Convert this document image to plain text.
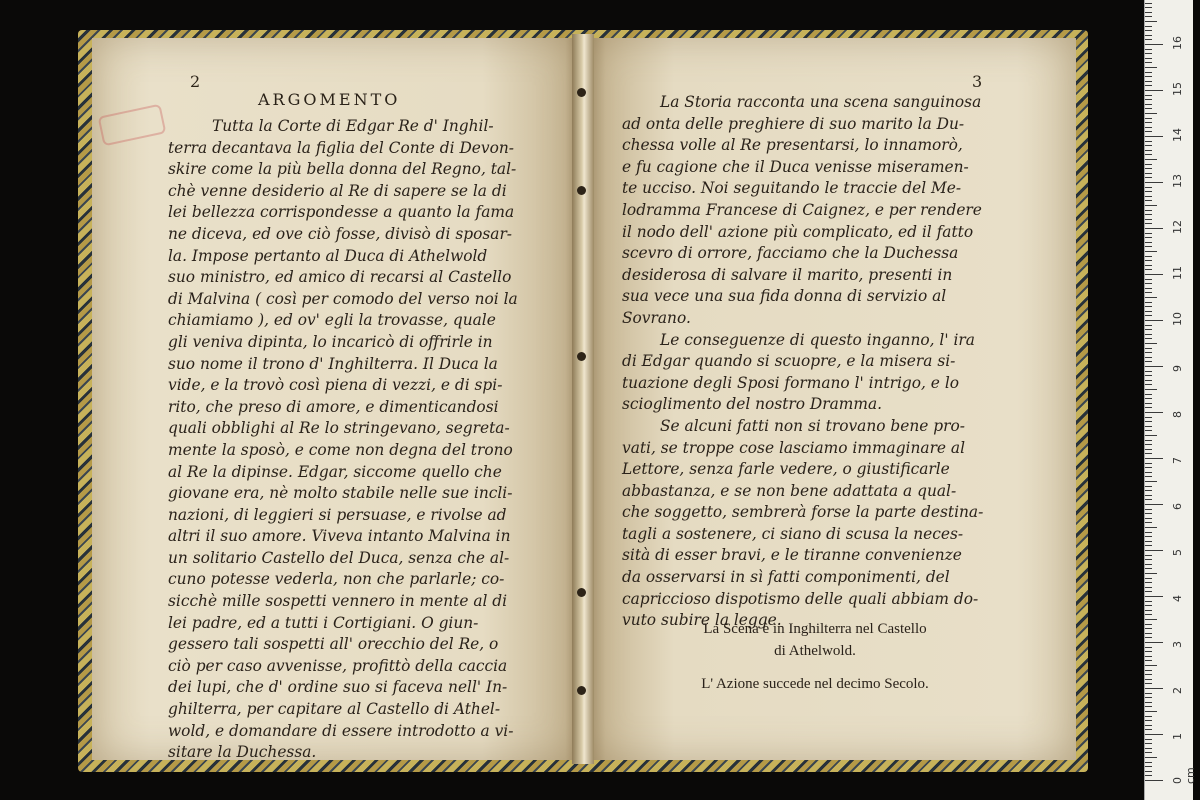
2
ARGOMENTO
Tutta la Corte di Edgar Re d' Inghil-
terra decantava la figlia del Conte di Devon-
skire come la più bella donna del Regno, tal-
chè venne desiderio al Re di sapere se la di
lei bellezza corrispondesse a quanto la fama
ne diceva, ed ove ciò fosse, divisò di sposar-
la. Impose pertanto al Duca di Athelwold
suo ministro, ed amico di recarsi al Castello
di Malvina ( così per comodo del verso noi la
chiamiamo ), ed ov' egli la trovasse, quale
gli veniva dipinta, lo incaricò di offrirle in
suo nome il trono d' Inghilterra. Il Duca la
vide, e la trovò così piena di vezzi, e di spi-
rito, che preso di amore, e dimenticandosi
quali obblighi al Re lo stringevano, segreta-
mente la sposò, e come non degna del trono
al Re la dipinse. Edgar, siccome quello che
giovane era, nè molto stabile nelle sue incli-
nazioni, di leggieri si persuase, e rivolse ad
altri il suo amore. Viveva intanto Malvina in
un solitario Castello del Duca, senza che al-
cuno potesse vederla, non che parlarle; co-
sicchè mille sospetti vennero in mente al di
lei padre, ed a tutti i Cortigiani. O giun-
gessero tali sospetti all' orecchio del Re, o
ciò per caso avvenisse, profittò della caccia
dei lupi, che d' ordine suo si faceva nell' In-
ghilterra, per capitare al Castello di Athel-
wold, e domandare di essere introdotto a vi-
sitare la Duchessa.
3
La Storia racconta una scena sanguinosa
ad onta delle preghiere di suo marito la Du-
chessa volle al Re presentarsi, lo innamorò,
e fu cagione che il Duca venisse miseramen-
te ucciso. Noi seguitando le traccie del Me-
lodramma Francese di Caignez, e per rendere
il nodo dell' azione più complicato, ed il fatto
scevro di orrore, facciamo che la Duchessa
desiderosa di salvare il marito, presenti in
sua vece una sua fida donna di servizio al
Sovrano.
Le conseguenze di questo inganno, l' ira
di Edgar quando si scuopre, e la misera si-
tuazione degli Sposi formano l' intrigo, e lo
scioglimento del nostro Dramma.
Se alcuni fatti non si trovano bene pro-
vati, se troppe cose lasciamo immaginare al
Lettore, senza farle vedere, o giustificarle
abbastanza, e se non bene adattata a qual-
che soggetto, sembrerà forse la parte destina-
tagli a sostenere, ci siano di scusa la neces-
sità di esser bravi, e le tiranne convenienze
da osservarsi in sì fatti componimenti, del
capriccioso dispotismo delle quali abbiam do-
vuto subire la legge.
La Scena è in Inghilterra nel Castello
di Athelwold.
L' Azione succede nel decimo Secolo.
0 cm
1
2
3
4
5
6
7
8
9
10
11
12
13
14
15
16
